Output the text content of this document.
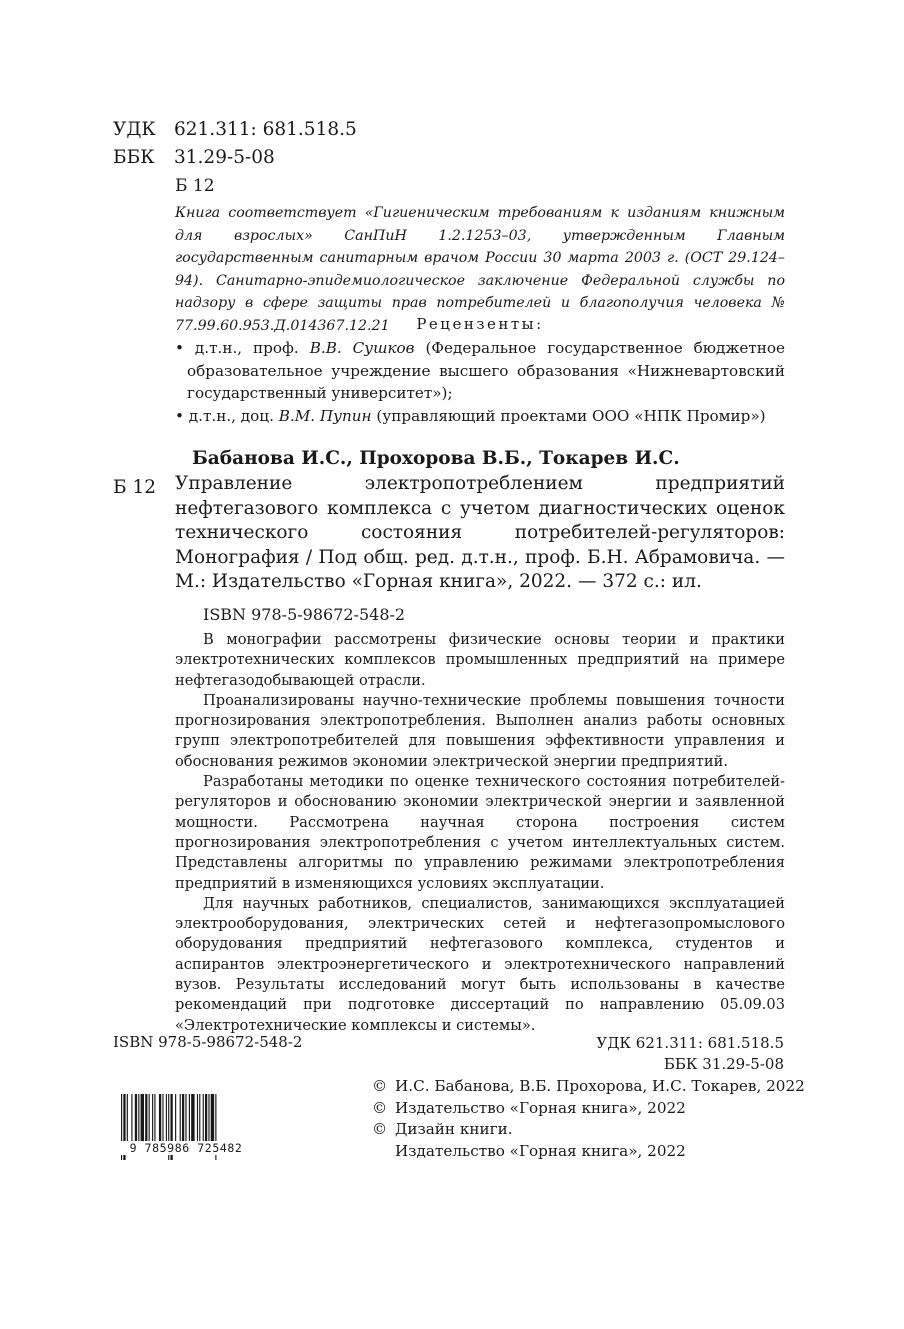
УДК 621.311: 681.518.5
ББК 31.29-5-08
Б 12
Книга соответствует «Гигиеническим требованиям к изданиям книжным для взрослых» СанПиН 1.2.1253–03, утвержденным Главным государственным санитарным врачом России 30 марта 2003 г. (ОСТ 29.124–94). Санитарно-эпидемиологическое заключение Федеральной службы по надзору в сфере защиты прав потребителей и благополучия человека № 77.99.60.953.Д.014367.12.21	Рецензенты:

• д.т.н., проф. В.В. Сушков (Федеральное государственное бюджетное образовательное учреждение высшего образования «Нижневартовский государственный университет»);

• д.т.н., доц. В.М. Пупин (управляющий проектами ООО «НПК Промир»)

Бабанова И.С., Прохорова В.Б., Токарев И.С.
Б 12 Управление электропотреблением предприятий нефтегазового комплекса с учетом диагностических оценок технического состояния потребителей-регуляторов: Монография / Под общ. ред. д.т.н., проф. Б.Н. Абрамовича. — М.: Издательство «Горная книга», 2022. — 372 с.: ил.
ISBN 978-5-98672-548-2

В монографии рассмотрены физические основы теории и практики электротехнических комплексов промышленных предприятий на примере нефтегазодобывающей отрасли.

Проанализированы научно-технические проблемы повышения точности прогнозирования электропотребления. Выполнен анализ работы основных групп электропотребителей для повышения эффективности управления и обоснования режимов экономии электрической энергии предприятий.

Разработаны методики по оценке технического состояния потребителей-регуляторов и обоснованию экономии электрической энергии и заявленной мощности. Рассмотрена научная сторона построения систем прогнозирования электропотребления с учетом интеллектуальных систем. Представлены алгоритмы по управлению режимами электропотребления предприятий в изменяющихся условиях эксплуатации.

Для научных работников, специалистов, занимающихся эксплуатацией электрооборудования, электрических сетей и нефтегазопромыслового оборудования предприятий нефтегазового комплекса, студентов и аспирантов электроэнергетического и электротехнического направлений вузов. Результаты исследований могут быть использованы в качестве рекомендаций при подготовке диссертаций по направлению 05.09.03 «Электротехнические комплексы и системы».

ISBN 978-5-98672-548-2	УДК 621.311: 681.518.5
ББК 31.29-5-08
© И.С. Бабанова, В.Б. Прохорова, И.С. Токарев, 2022
© Издательство «Горная книга», 2022
© Дизайн книги.
Издательство «Горная книга», 2022
9 785986 725482
